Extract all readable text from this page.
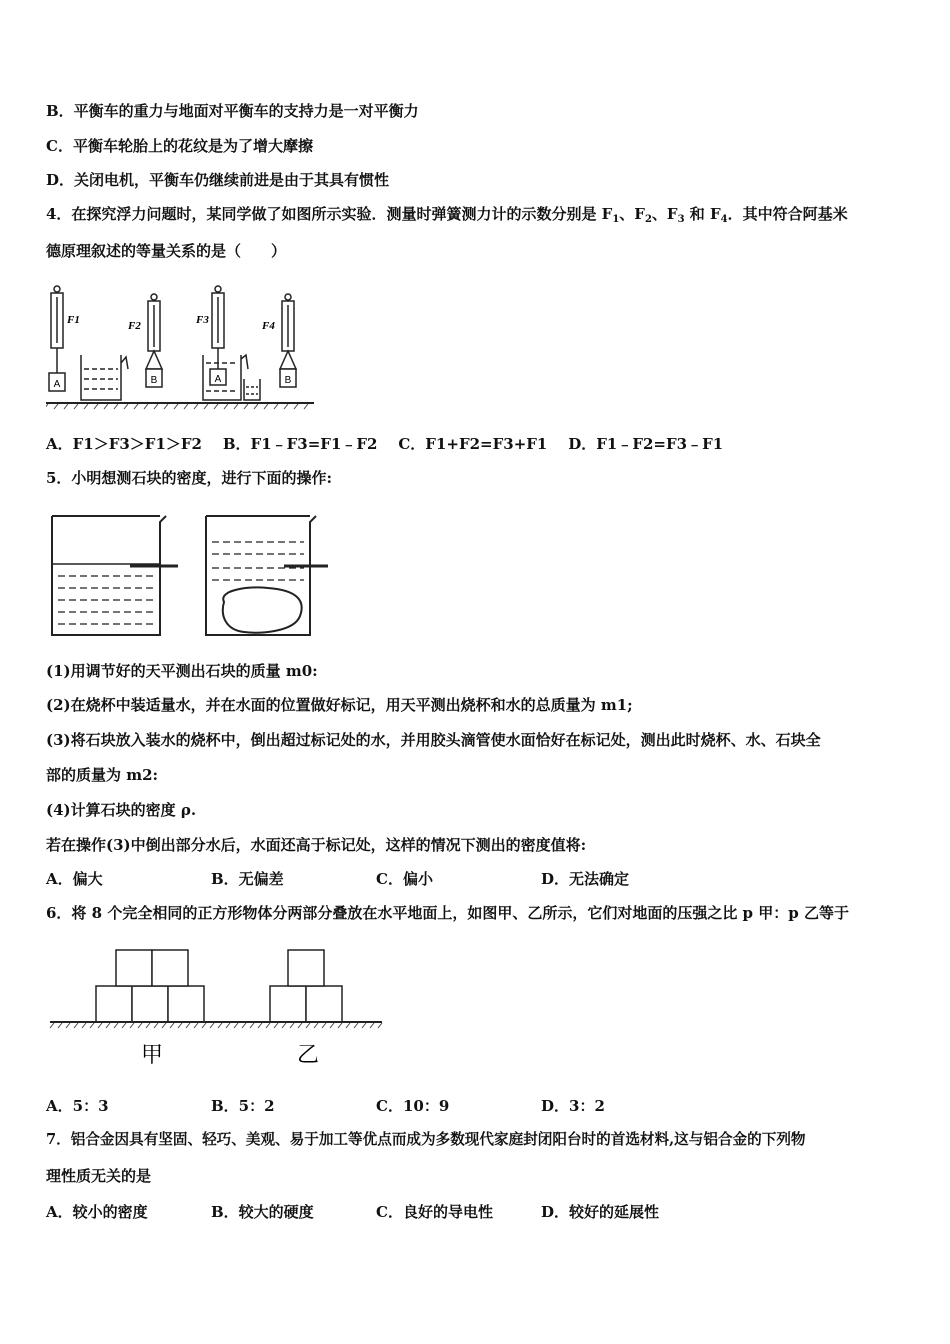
B．平衡车的重力与地面对平衡车的支持力是一对平衡力
C．平衡车轮胎上的花纹是为了增大摩擦
D．关闭电机，平衡车仍继续前进是由于其具有惯性
4．在探究浮力问题时，某同学做了如图所示实验．测量时弹簧测力计的示数分别是 $F_1$、$F_2$、$F_3$ 和 $F_4$．其中符合阿基米
德原理叙述的等量关系的是（　　）
A
F1
B
F2
A
F3
B
F4
A．F1＞F3＞F1＞F2 B．F1﹣F3=F1﹣F2 C．F1+F2=F3+F1 D．F1﹣F2=F3﹣F1
5．小明想测石块的密度，进行下面的操作:
(1)用调节好的天平测出石块的质量 m0:
(2)在烧杯中装适量水，并在水面的位置做好标记，用天平测出烧杯和水的总质量为 m1;
(3)将石块放入装水的烧杯中，倒出超过标记处的水，并用胶头滴管使水面恰好在标记处，测出此时烧杯、水、石块全
部的质量为 m2:
(4)计算石块的密度 ρ.
若在操作(3)中倒出部分水后，水面还高于标记处，这样的情况下测出的密度值将:
A．偏大	B．无偏差	C．偏小	D．无法确定
6．将 8 个完全相同的正方形物体分两部分叠放在水平地面上，如图甲、乙所示，它们对地面的压强之比 p 甲：p 乙等于
甲	乙
A．5：3	B．5：2	C．10：9	D．3：2
7．铝合金因具有坚固、轻巧、美观、易于加工等优点而成为多数现代家庭封闭阳台时的首选材料,这与铝合金的下列物
理性质无关的是
A．较小的密度	B．较大的硬度	C．良好的导电性	D．较好的延展性
